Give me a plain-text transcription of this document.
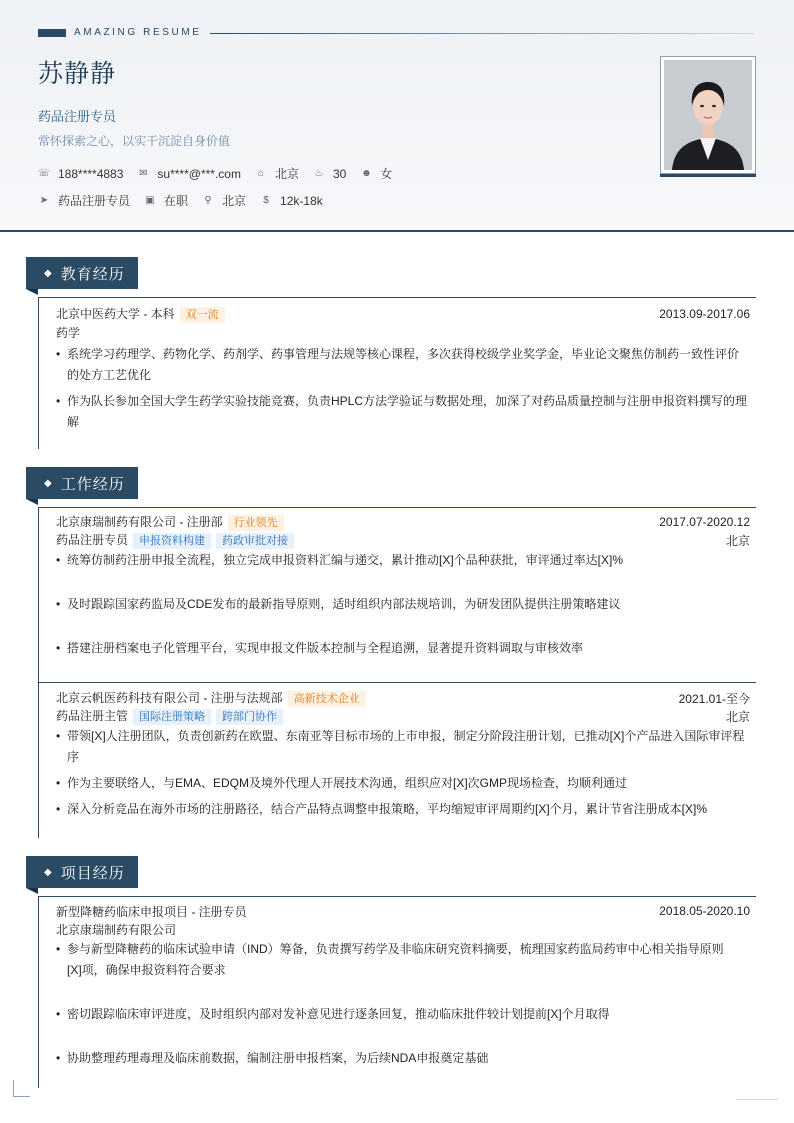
AMAZING RESUME
苏静静
药品注册专员
常怀探索之心，以实干沉淀自身价值
☏ 188****4883 ✉ su****@***.com ⌂ 北京 ♨ 30 ☻ 女
➤ 药品注册专员 ▣ 在职 ⚲ 北京	$ 12k-18k
◆ 教育经历
北京中医药大学 - 本科 双一流	2013.09-2017.06
药学
• 系统学习药理学、药物化学、药剂学、药事管理与法规等核心课程，多次获得校级学业奖学金，毕业论文聚焦仿制药一致性评价的处方工艺优化
• 作为队长参加全国大学生药学实验技能竞赛，负责HPLC方法学验证与数据处理，加深了对药品质量控制与注册申报资料撰写的理解
◆ 工作经历
北京康瑞制药有限公司 - 注册部 行业领先	2017.07-2020.12
药品注册专员 申报资料构建 药政审批对接	北京
• 统筹仿制药注册申报全流程，独立完成申报资料汇编与递交，累计推动[X]个品种获批，审评通过率达[X]%
• 及时跟踪国家药监局及CDE发布的最新指导原则，适时组织内部法规培训，为研发团队提供注册策略建议
• 搭建注册档案电子化管理平台，实现申报文件版本控制与全程追溯，显著提升资料调取与审核效率
北京云帆医药科技有限公司 - 注册与法规部 高新技术企业	2021.01-至今
药品注册主管 国际注册策略 跨部门协作	北京
• 带领[X]人注册团队，负责创新药在欧盟、东南亚等目标市场的上市申报，制定分阶段注册计划，已推动[X]个产品进入国际审评程序
• 作为主要联络人，与EMA、EDQM及境外代理人开展技术沟通，组织应对[X]次GMP现场检查，均顺利通过
• 深入分析竞品在海外市场的注册路径，结合产品特点调整申报策略，平均缩短审评周期约[X]个月，累计节省注册成本[X]%
◆ 项目经历
新型降糖药临床申报项目 - 注册专员	2018.05-2020.10
北京康瑞制药有限公司
• 参与新型降糖药的临床试验申请（IND）筹备，负责撰写药学及非临床研究资料摘要，梳理国家药监局药审中心相关指导原则[X]项，确保申报资料符合要求
• 密切跟踪临床审评进度，及时组织内部对发补意见进行逐条回复，推动临床批件较计划提前[X]个月取得
• 协助整理药理毒理及临床前数据，编制注册申报档案，为后续NDA申报奠定基础
